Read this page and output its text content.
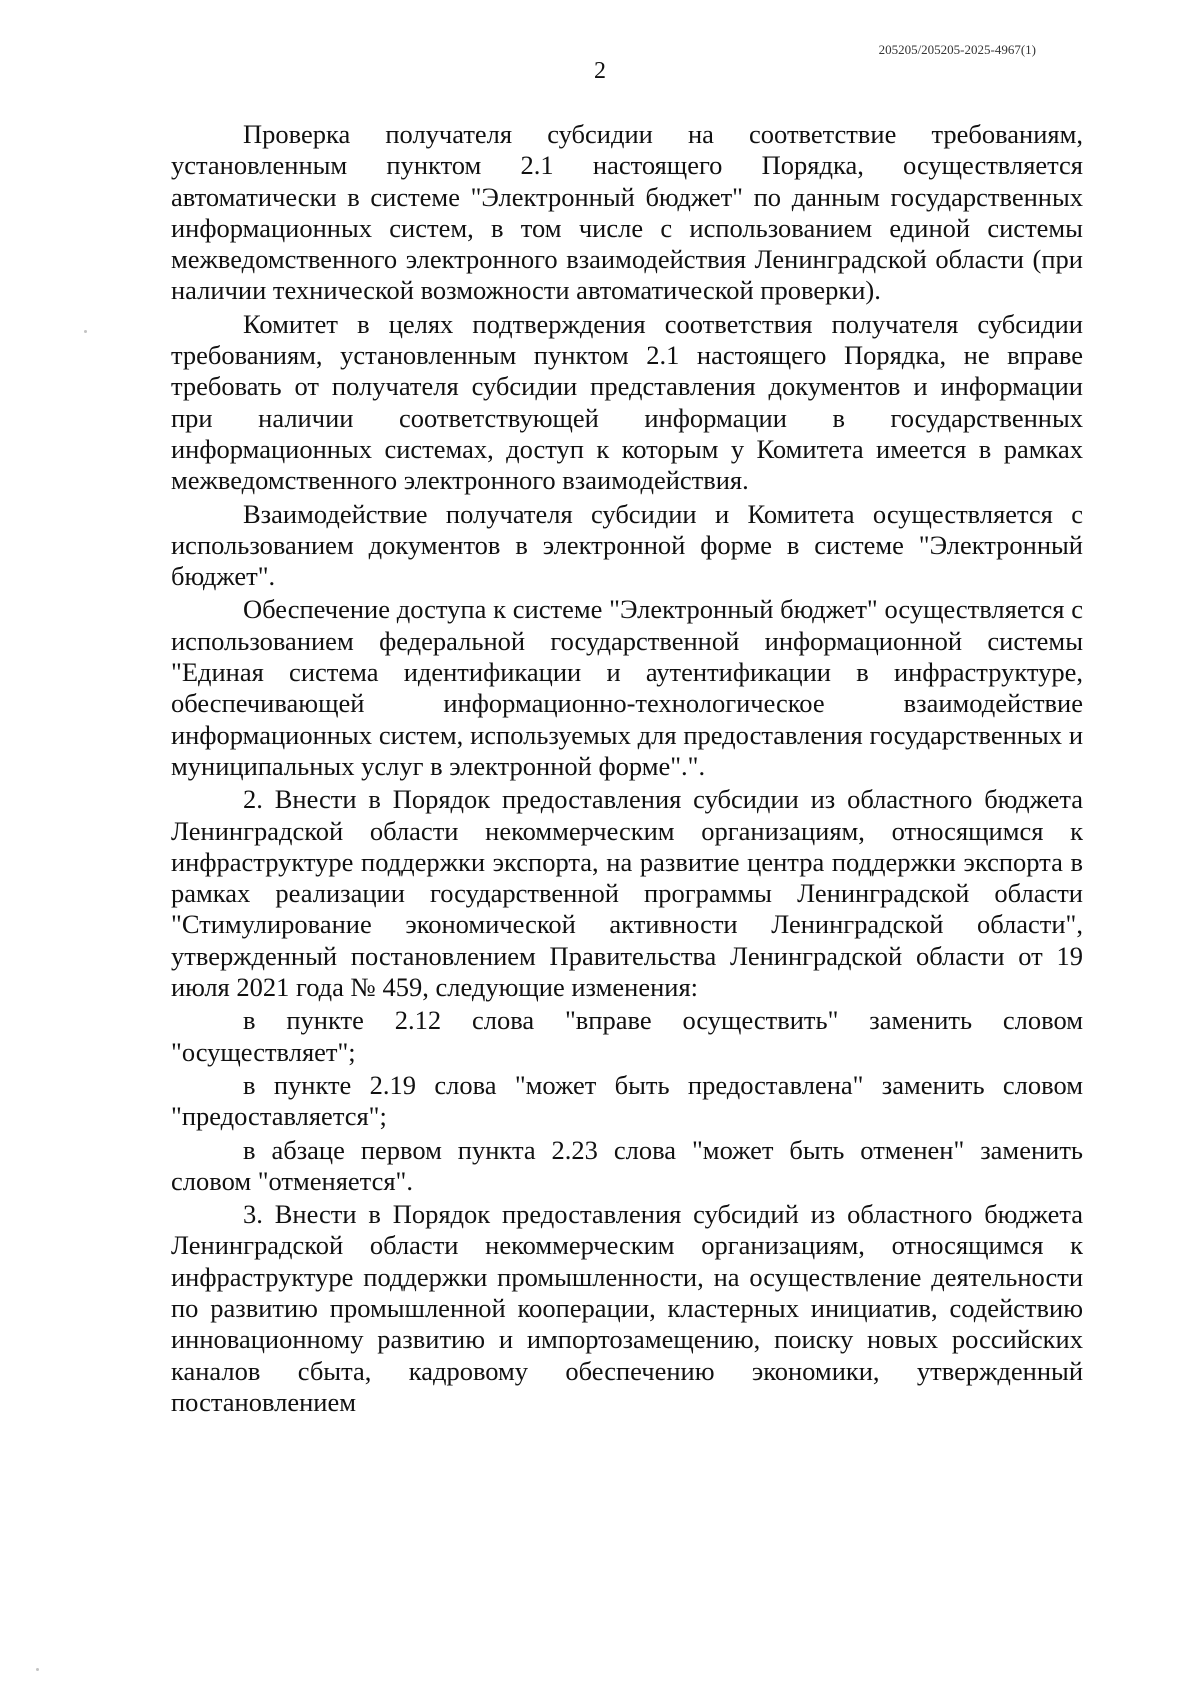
205205/205205-2025-4967(1)
2

Проверка получателя субсидии на соответствие требованиям, установленным пунктом 2.1 настоящего Порядка, осуществляется автоматически в системе "Электронный бюджет" по данным государственных информационных систем, в том числе с использованием единой системы межведомственного электронного взаимодействия Ленинградской области (при наличии технической возможности автоматической проверки).

Комитет в целях подтверждения соответствия получателя субсидии требованиям, установленным пунктом 2.1 настоящего Порядка, не вправе требовать от получателя субсидии представления документов и информации при наличии соответствующей информации в государственных информационных системах, доступ к которым у Комитета имеется в рамках межведомственного электронного взаимодействия.

Взаимодействие получателя субсидии и Комитета осуществляется с использованием документов в электронной форме в системе "Электронный бюджет".

Обеспечение доступа к системе "Электронный бюджет" осуществляется с использованием федеральной государственной информационной системы "Единая система идентификации и аутентификации в инфраструктуре, обеспечивающей информационно-технологическое взаимодействие информационных систем, используемых для предоставления государственных и муниципальных услуг в электронной форме".".

2. Внести в Порядок предоставления субсидии из областного бюджета Ленинградской области некоммерческим организациям, относящимся к инфраструктуре поддержки экспорта, на развитие центра поддержки экспорта в рамках реализации государственной программы Ленинградской области "Стимулирование экономической активности Ленинградской области", утвержденный постановлением Правительства Ленинградской области от 19 июля 2021 года № 459, следующие изменения:

в пункте 2.12 слова "вправе осуществить" заменить словом "осуществляет";

в пункте 2.19 слова "может быть предоставлена" заменить словом "предоставляется";

в абзаце первом пункта 2.23 слова "может быть отменен" заменить словом "отменяется".

3. Внести в Порядок предоставления субсидий из областного бюджета Ленинградской области некоммерческим организациям, относящимся к инфраструктуре поддержки промышленности, на осуществление деятельности по развитию промышленной кооперации, кластерных инициатив, содействию инновационному развитию и импортозамещению, поиску новых российских каналов сбыта, кадровому обеспечению экономики, утвержденный постановлением
